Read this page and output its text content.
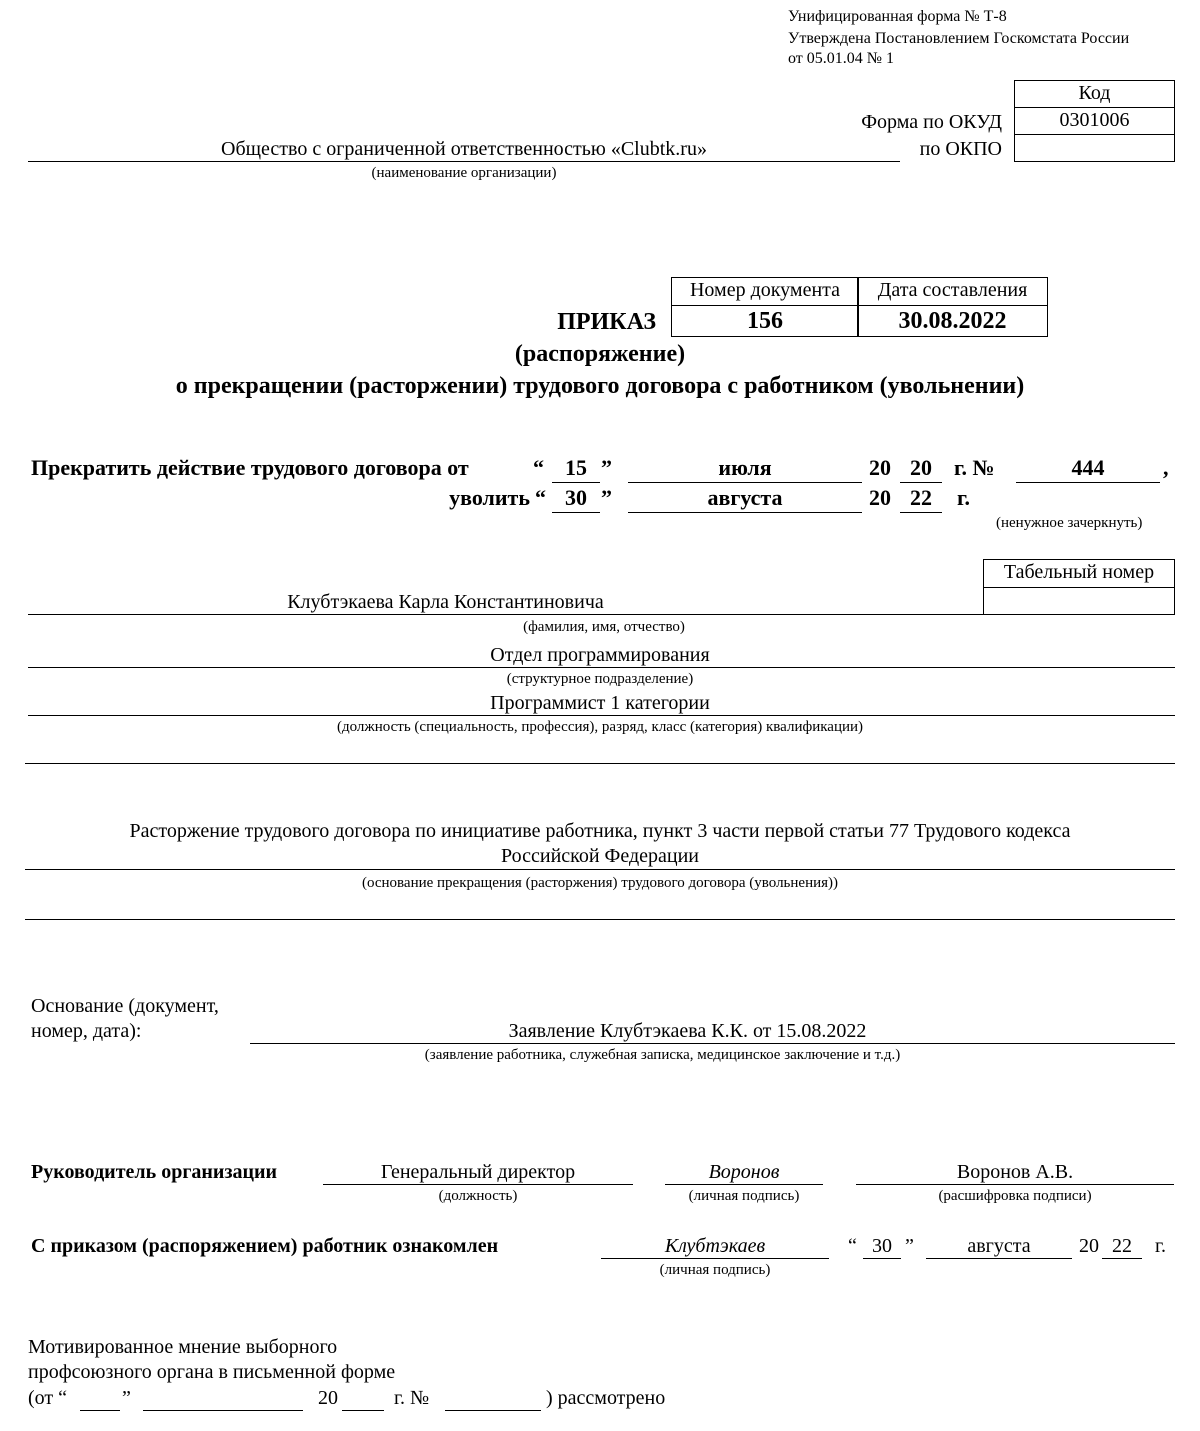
Унифицированная форма № Т-8
Утверждена Постановлением Госкомстата России
от 05.01.04 № 1
Код
0301006
Форма по ОКУД
по ОКПО
Общество с ограниченной ответственностью «Clubtk.ru»
(наименование организации)
Номер документа	Дата составления
156	30.08.2022
ПРИКАЗ
(распоряжение)
о прекращении (расторжении) трудового договора с работником (увольнении)
Прекратить действие трудового договора от	“ 15 ”	июля	20 20	г. №	444	,
уволить “ 30 ”	августа	20 22	г.
(ненужное зачеркнуть)
Табельный номер
Клубтэкаева Карла Константиновича
(фамилия, имя, отчество)
Отдел программирования
(структурное подразделение)
Программист 1 категории
(должность (специальность, профессия), разряд, класс (категория) квалификации)
Расторжение трудового договора по инициативе работника, пункт 3 части первой статьи 77 Трудового кодекса
Российской Федерации
(основание прекращения (расторжения) трудового договора (увольнения))
Основание (документ,
номер, дата):	Заявление Клубтэкаева К.К. от 15.08.2022
(заявление работника, служебная записка, медицинское заключение и т.д.)
Руководитель организации	Генеральный директор
(должность)
Воронов
(личная подпись)
Воронов А.В.
(расшифровка подписи)
С приказом (распоряжением) работник ознакомлен	Клубтэкаев
(личная подпись)
“ 30 ”	августа	20 22	г.
Мотивированное мнение выборного
профсоюзного органа в письменной форме
(от “	”	20	г. №	) рассмотрено
